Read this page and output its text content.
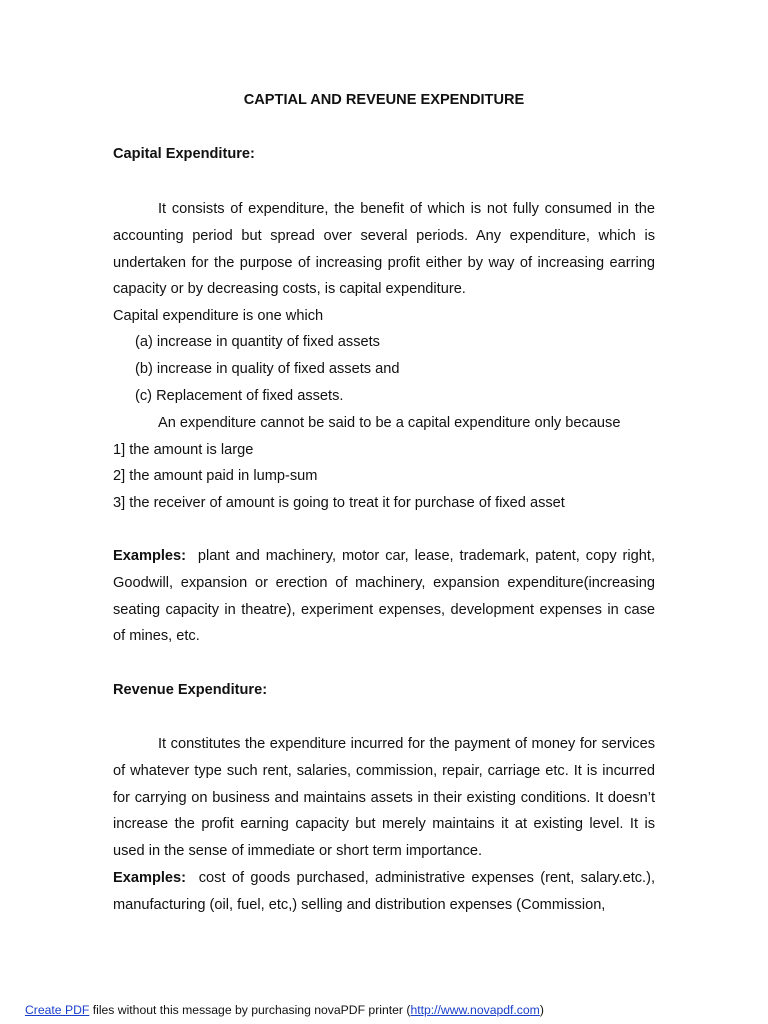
CAPTIAL AND REVEUNE EXPENDITURE
Capital Expenditure:

It consists of expenditure, the benefit of which is not fully consumed in the accounting period but spread over several periods. Any expenditure, which is undertaken for the purpose of increasing profit either by way of increasing earring capacity or by decreasing costs, is capital expenditure.

Capital expenditure is one which
(a) increase in quantity of fixed assets
(b) increase in quality of fixed assets and
(c) Replacement of fixed assets.
An expenditure cannot be said to be a capital expenditure only because
1] the amount is large
2] the amount paid in lump-sum
3] the receiver of amount is going to treat it for purchase of fixed asset

Examples: plant and machinery, motor car, lease, trademark, patent, copy right, Goodwill, expansion or erection of machinery, expansion expenditure(increasing seating capacity in theatre), experiment expenses, development expenses in case of mines, etc.

Revenue Expenditure:

It constitutes the expenditure incurred for the payment of money for services of whatever type such rent, salaries, commission, repair, carriage etc. It is incurred for carrying on business and maintains assets in their existing conditions. It doesn’t increase the profit earning capacity but merely maintains it at existing level. It is used in the sense of immediate or short term importance.

Examples: cost of goods purchased, administrative expenses (rent, salary.etc.), manufacturing (oil, fuel, etc,) selling and distribution expenses (Commission,

Create PDF files without this message by purchasing novaPDF printer (http://www.novapdf.com)
